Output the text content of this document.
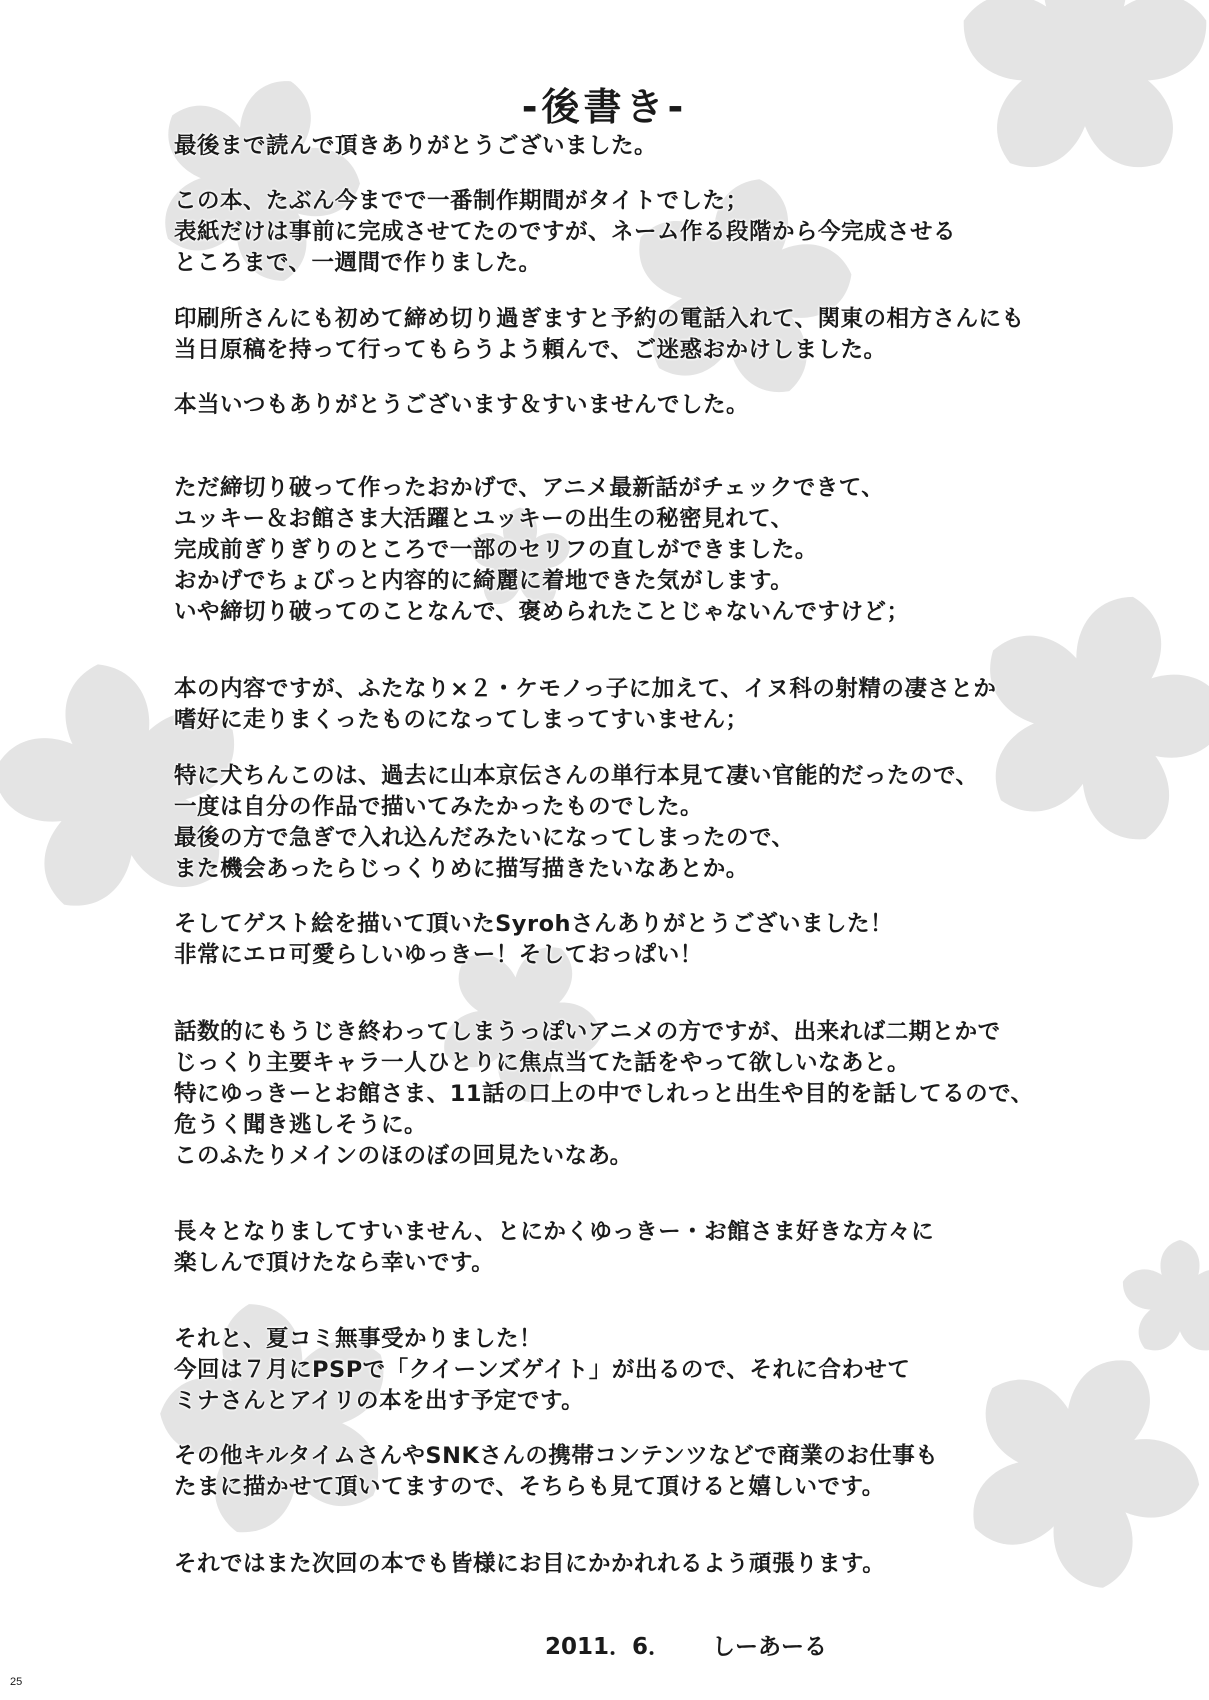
-後書き-
最後まで読んで頂きありがとうございました。
この本、たぶん今までで一番制作期間がタイトでした；
表紙だけは事前に完成させてたのですが、ネーム作る段階から今完成させる
ところまで、一週間で作りました。
印刷所さんにも初めて締め切り過ぎますと予約の電話入れて、関東の相方さんにも
当日原稿を持って行ってもらうよう頼んで、ご迷惑おかけしました。
本当いつもありがとうございます＆すいませんでした。
ただ締切り破って作ったおかげで、アニメ最新話がチェックできて、
ユッキー＆お館さま大活躍とユッキーの出生の秘密見れて、
完成前ぎりぎりのところで一部のセリフの直しができました。
おかげでちょびっと内容的に綺麗に着地できた気がします。
いや締切り破ってのことなんで、褒められたことじゃないんですけど；
本の内容ですが、ふたなり×２・ケモノっ子に加えて、イヌ科の射精の凄さとか
嗜好に走りまくったものになってしまってすいません；
特に犬ちんこのは、過去に山本京伝さんの単行本見て凄い官能的だったので、
一度は自分の作品で描いてみたかったものでした。
最後の方で急ぎで入れ込んだみたいになってしまったので、
また機会あったらじっくりめに描写描きたいなあとか。
そしてゲスト絵を描いて頂いたSyrohさんありがとうございました！
非常にエロ可愛らしいゆっきー！そしておっぱい！
話数的にもうじき終わってしまうっぽいアニメの方ですが、出来れば二期とかで
じっくり主要キャラ一人ひとりに焦点当てた話をやって欲しいなあと。
特にゆっきーとお館さま、11話の口上の中でしれっと出生や目的を話してるので、
危うく聞き逃しそうに。
このふたりメインのほのぼの回見たいなあ。
長々となりましてすいません、とにかくゆっきー・お館さま好きな方々に
楽しんで頂けたなら幸いです。
それと、夏コミ無事受かりました！
今回は７月にPSPで「クイーンズゲイト」が出るので、それに合わせて
ミナさんとアイリの本を出す予定です。
その他キルタイムさんやSNKさんの携帯コンテンツなどで商業のお仕事も
たまに描かせて頂いてますので、そちらも見て頂けると嬉しいです。
それではまた次回の本でも皆様にお目にかかれれるよう頑張ります。
2011．6． しーあーる
25
